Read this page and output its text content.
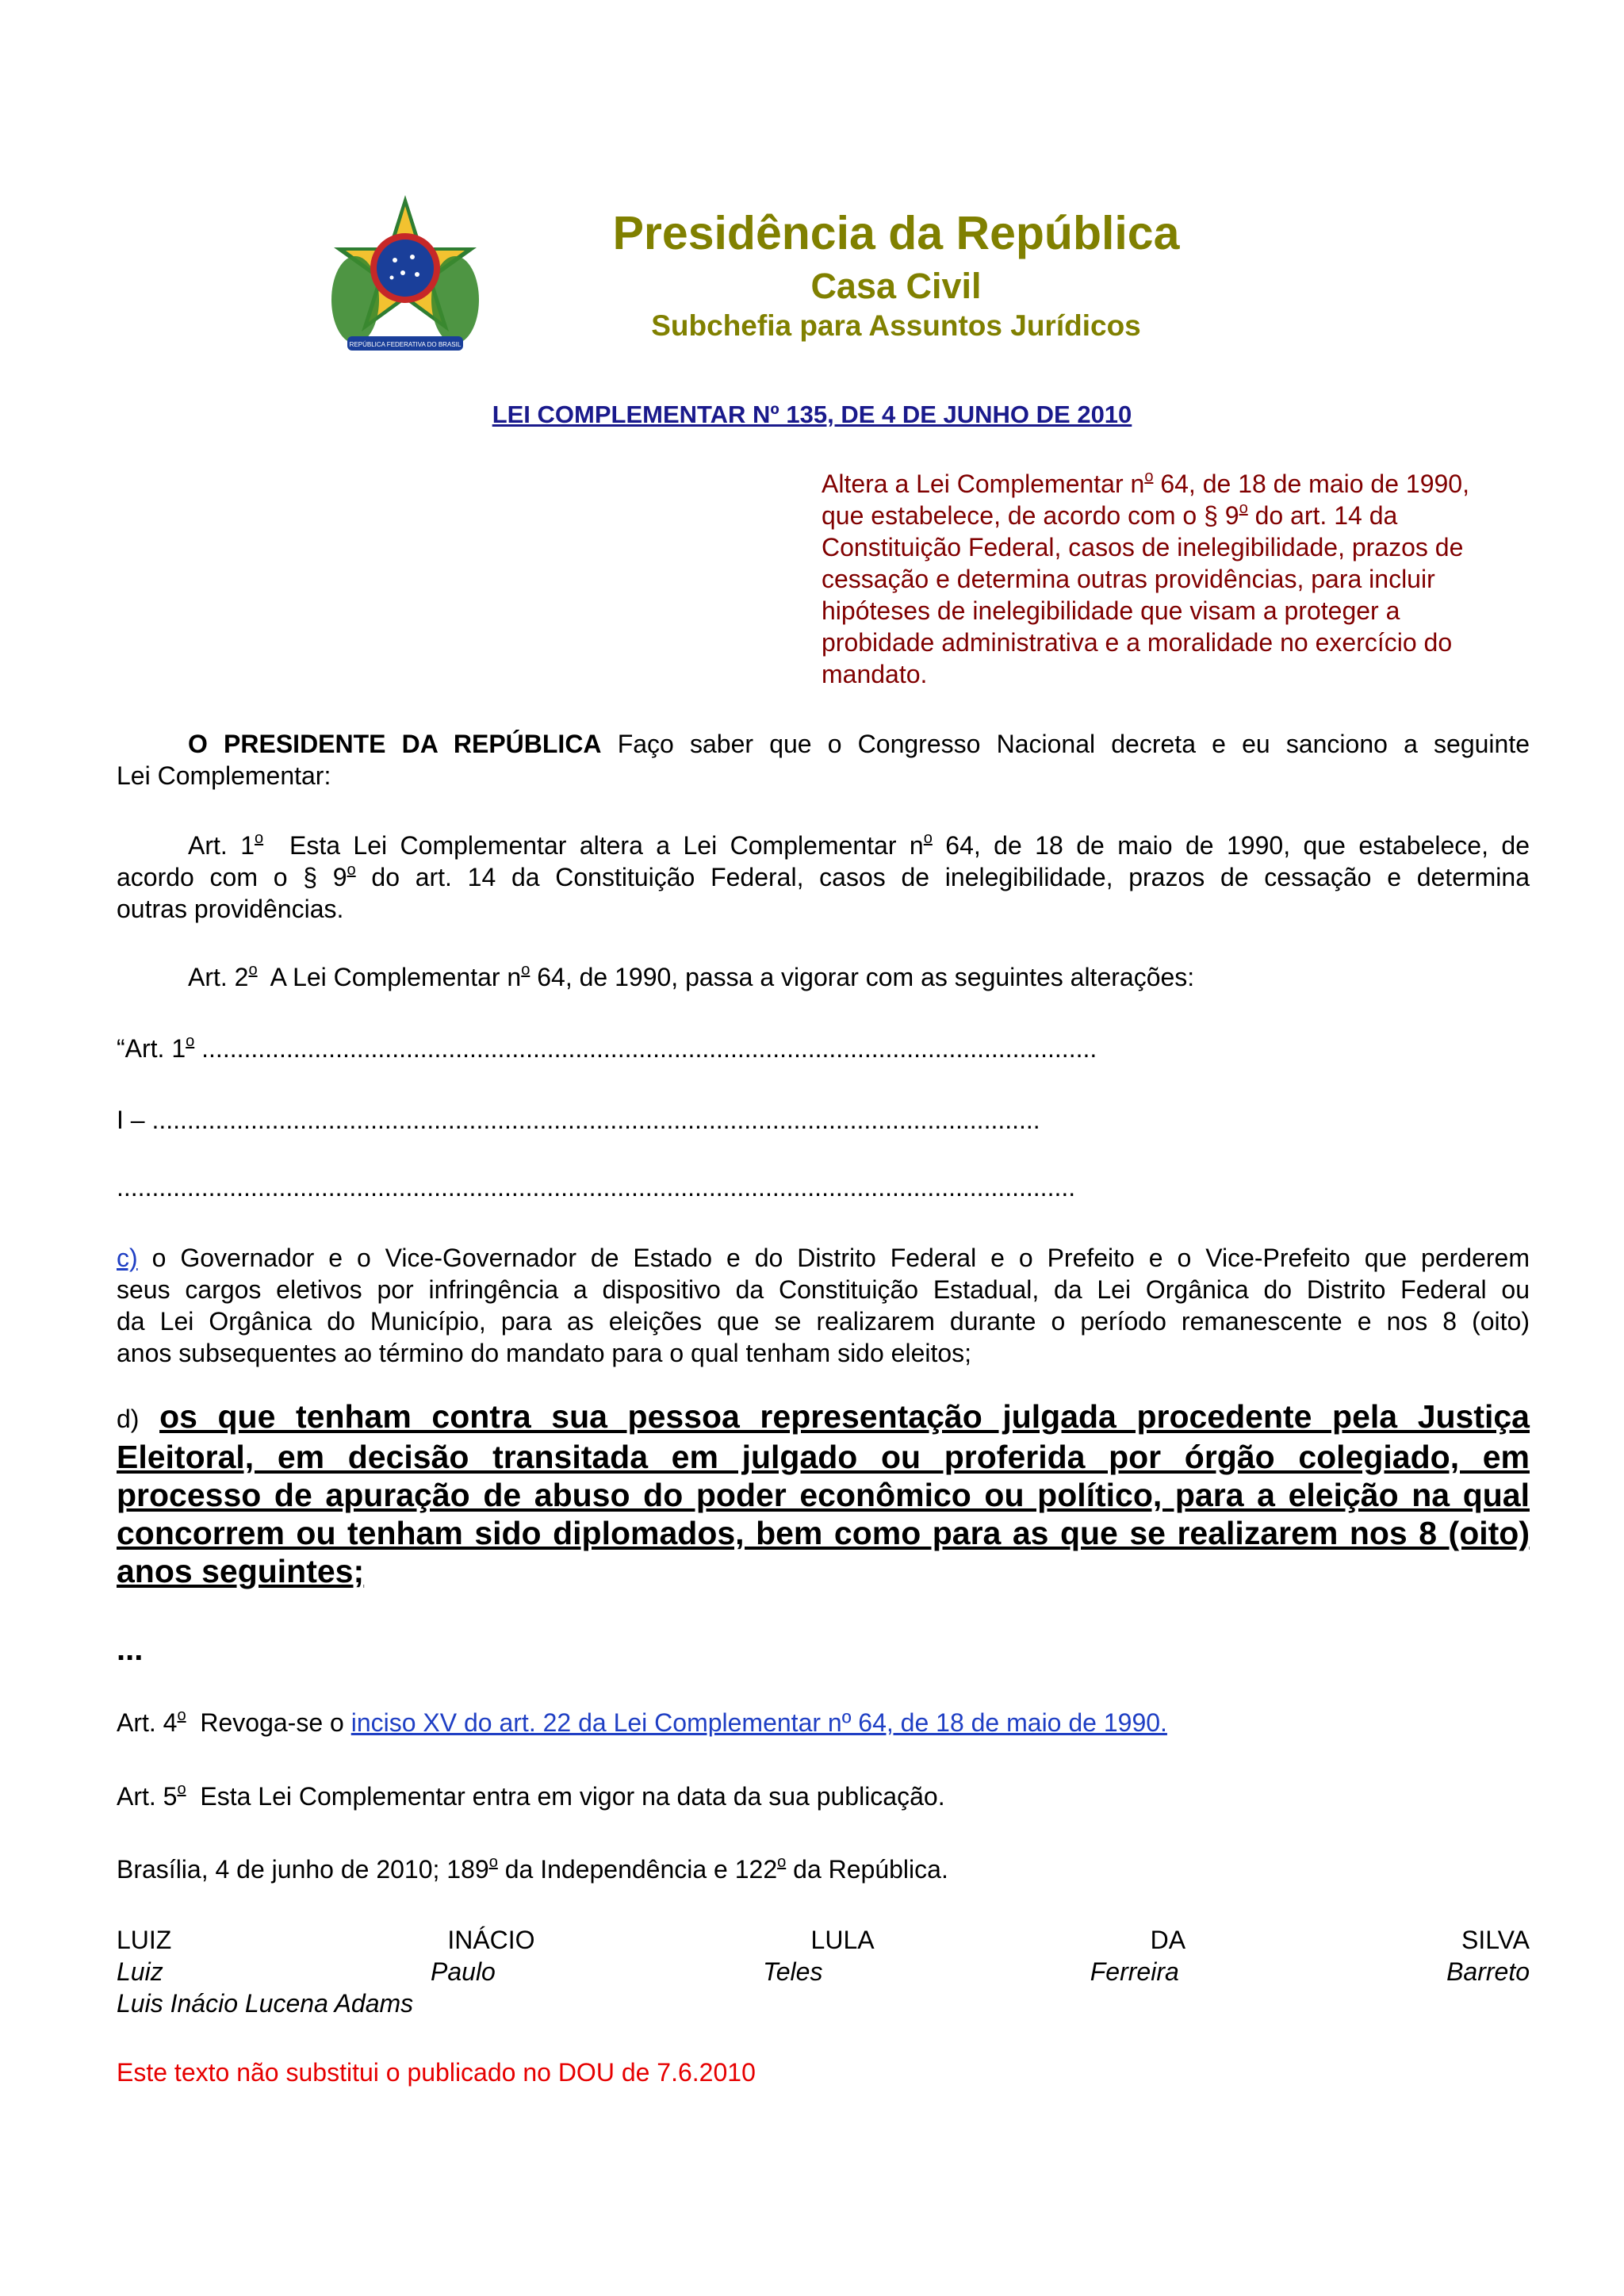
REPÚBLICA FEDERATIVA DO BRASIL
Presidência da República
Casa Civil
Subchefia para Assuntos Jurídicos
LEI COMPLEMENTAR Nº 135, DE 4 DE JUNHO DE 2010

Altera a Lei Complementar $n^o$ 64, de 18 de maio de 1990,

que estabelece, de acordo com o § 9$^o$ do art. 14 da

Constituição Federal, casos de inelegibilidade, prazos de

cessação e determina outras providências, para incluir

hipóteses de inelegibilidade que visam a proteger a

probidade administrativa e a moralidade no exercício do

mandato.

O PRESIDENTE DA REPÚBLICA Faço saber que o Congresso Nacional decreta e eu sanciono a seguinte

Lei Complementar:

Art. 1$^o$ Esta Lei Complementar altera a Lei Complementar $n^o$ 64, de 18 de maio de 1990, que estabelece, de

acordo com o § 9$^o$ do art. 14 da Constituição Federal, casos de inelegibilidade, prazos de cessação e determina

outras providências.

Art. 2$^o$ A Lei Complementar $n^o$ 64, de 1990, passa a vigorar com as seguintes alterações:

“Art. 1$^o$ ...............................................................................................................................
I – ..............................................................................................................................
........................................................................................................................................

c) o Governador e o Vice-Governador de Estado e do Distrito Federal e o Prefeito e o Vice-Prefeito que perderem

seus cargos eletivos por infringência a dispositivo da Constituição Estadual, da Lei Orgânica do Distrito Federal ou

da Lei Orgânica do Município, para as eleições que se realizarem durante o período remanescente e nos 8 (oito)

anos subsequentes ao término do mandato para o qual tenham sido eleitos;

d) os que tenham contra sua pessoa representação julgada procedente pela Justiça

Eleitoral, em decisão transitada em julgado ou proferida por órgão colegiado, em

processo de apuração de abuso do poder econômico ou político, para a eleição na qual

concorrem ou tenham sido diplomados, bem como para as que se realizarem nos 8 (oito)

anos seguintes;

...
Art. 4$^o$ Revoga-se o inciso XV do art. 22 da Lei Complementar nº 64, de 18 de maio de 1990.
Art. 5$^o$ Esta Lei Complementar entra em vigor na data da sua publicação.
Brasília, 4 de junho de 2010; 189$^o$ da Independência e 122$^o$ da República.
LUIZ	INÁCIO	LULA	DA	SILVA
Luiz	Paulo	Teles	Ferreira	Barreto
Luis Inácio Lucena Adams
Este texto não substitui o publicado no DOU de 7.6.2010
